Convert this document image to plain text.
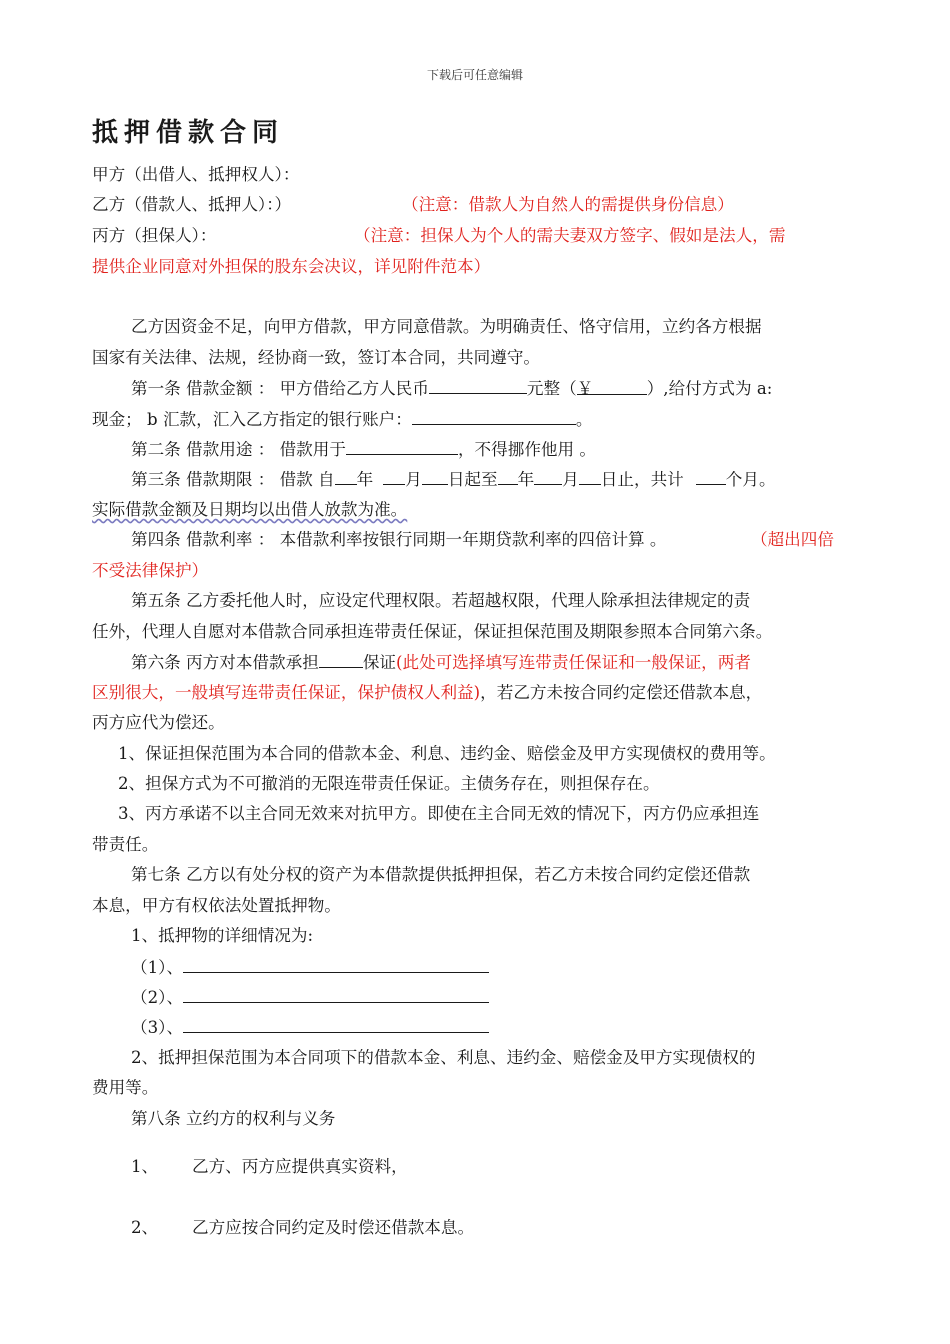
下载后可任意编辑
抵押借款合同
甲方（出借人、抵押权人）：
乙方（借款人、抵押人）：）	（注意：借款人为自然人的需提供身份信息）
丙方（担保人）：	（注意：担保人为个人的需夫妻双方签字、假如是法人，需
提供企业同意对外担保的股东会决议，详见附件范本）
乙方因资金不足，向甲方借款，甲方同意借款。为明确责任、恪守信用，立约各方根据
国家有关法律、法规，经协商一致，签订本合同，共同遵守。
第一条 借款金额 ： 甲方借给乙方人民币	元整（￥	）,给付方式为 a:
现金； b 汇款，汇入乙方指定的银行账户：	。
第二条 借款用途 ： 借款用于	，不得挪作他用 。
第三条 借款期限 ： 借款 自 年 月 日起至 年 月 日止，共计	个月。
实际借款金额及日期均以出借人放款为准。
第四条 借款利率 ： 本借款利率按银行同期一年期贷款利率的四倍计算 。	（超出四倍
不受法律保护）
第五条 乙方委托他人时，应设定代理权限。若超越权限，代理人除承担法律规定的责
任外，代理人自愿对本借款合同承担连带责任保证，保证担保范围及期限参照本合同第六条。
第六条 丙方对本借款承担	保证(此处可选择填写连带责任保证和一般保证，两者
区别很大，一般填写连带责任保证，保护债权人利益)，若乙方未按合同约定偿还借款本息，
丙方应代为偿还。
1、保证担保范围为本合同的借款本金、利息、违约金、赔偿金及甲方实现债权的费用等。
2、担保方式为不可撤消的无限连带责任保证。主债务存在，则担保存在。
3、丙方承诺不以主合同无效来对抗甲方。即使在主合同无效的情况下，丙方仍应承担连
带责任。
第七条 乙方以有处分权的资产为本借款提供抵押担保，若乙方未按合同约定偿还借款
本息，甲方有权依法处置抵押物。
1、抵押物的详细情况为:
（1）、
（2）、
（3）、
2、抵押担保范围为本合同项下的借款本金、利息、违约金、赔偿金及甲方实现债权的
费用等。
第八条 立约方的权利与义务
1、 乙方、丙方应提供真实资料，
2、 乙方应按合同约定及时偿还借款本息。
